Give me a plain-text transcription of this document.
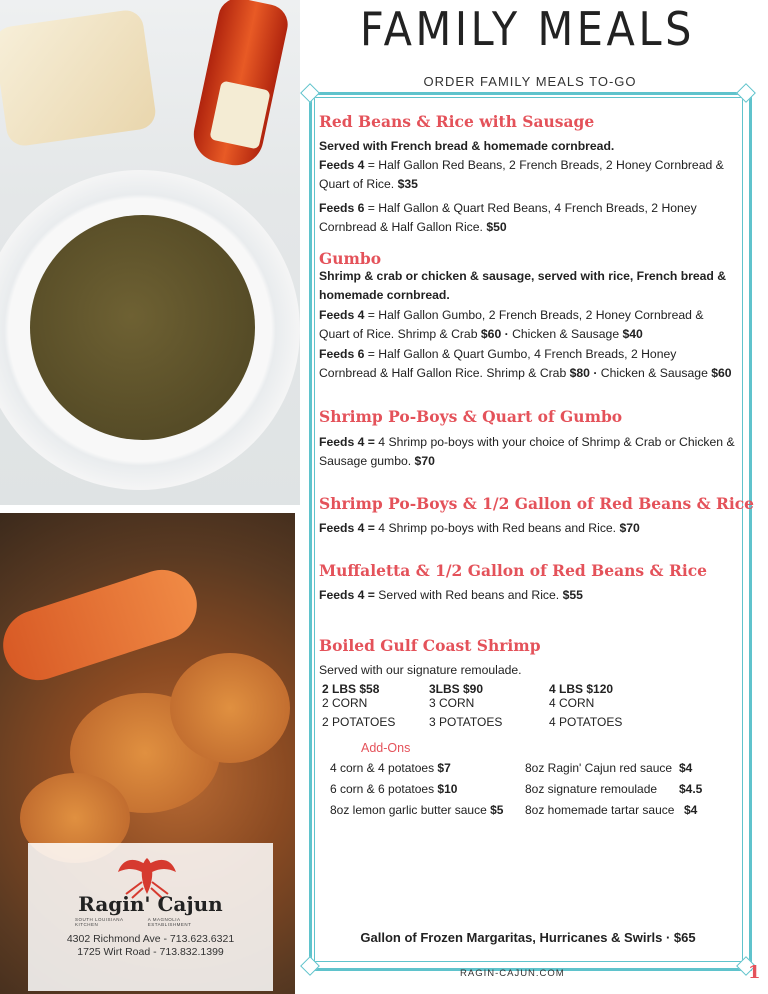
Ragin' Cajun
SOUTH LOUISIANA KITCHEN
A MAGNOLIA ESTABLISHMENT
4302 Richmond Ave - 713.623.6321
1725 Wirt Road - 713.832.1399
FAMILY MEALS
ORDER FAMILY MEALS TO-GO
Red Beans & Rice with Sausage
Served with French bread & homemade cornbread.
Feeds 4 = Half Gallon Red Beans, 2 French Breads, 2 Honey Cornbread & Quart of Rice. $35
Feeds 6 = Half Gallon & Quart Red Beans, 4 French Breads, 2 Honey Cornbread & Half Gallon Rice. $50
Gumbo
Shrimp & crab or chicken & sausage, served with rice, French bread & homemade cornbread.
Feeds 4 = Half Gallon Gumbo, 2 French Breads, 2 Honey Cornbread & Quart of Rice. Shrimp & Crab $60 · Chicken & Sausage $40
Feeds 6 = Half Gallon & Quart Gumbo, 4 French Breads, 2 Honey Cornbread & Half Gallon Rice. Shrimp & Crab $80 · Chicken & Sausage $60
Shrimp Po-Boys & Quart of Gumbo
Feeds 4 = 4 Shrimp po-boys with your choice of Shrimp & Crab or Chicken & Sausage gumbo. $70
Shrimp Po-Boys & 1/2 Gallon of Red Beans & Rice
Feeds 4 = 4 Shrimp po-boys with Red beans and Rice. $70
Muffaletta & 1/2 Gallon of Red Beans & Rice
Feeds 4 = Served with Red beans and Rice. $55
Boiled Gulf Coast Shrimp
Served with our signature remoulade.
2 LBS $58
2 CORN
2 POTATOES
3LBS $90
3 CORN
3 POTATOES
4 LBS $120
4 CORN
4 POTATOES
Add-Ons
4 corn & 4 potatoes $7
6 corn & 6 potatoes $10
8oz lemon garlic butter sauce $5
8oz Ragin' Cajun red sauce $4
8oz signature remoulade $4.5
8oz homemade tartar sauce $4
Gallon of Frozen Margaritas, Hurricanes & Swirls · $65
RAGIN-CAJUN.COM	1
